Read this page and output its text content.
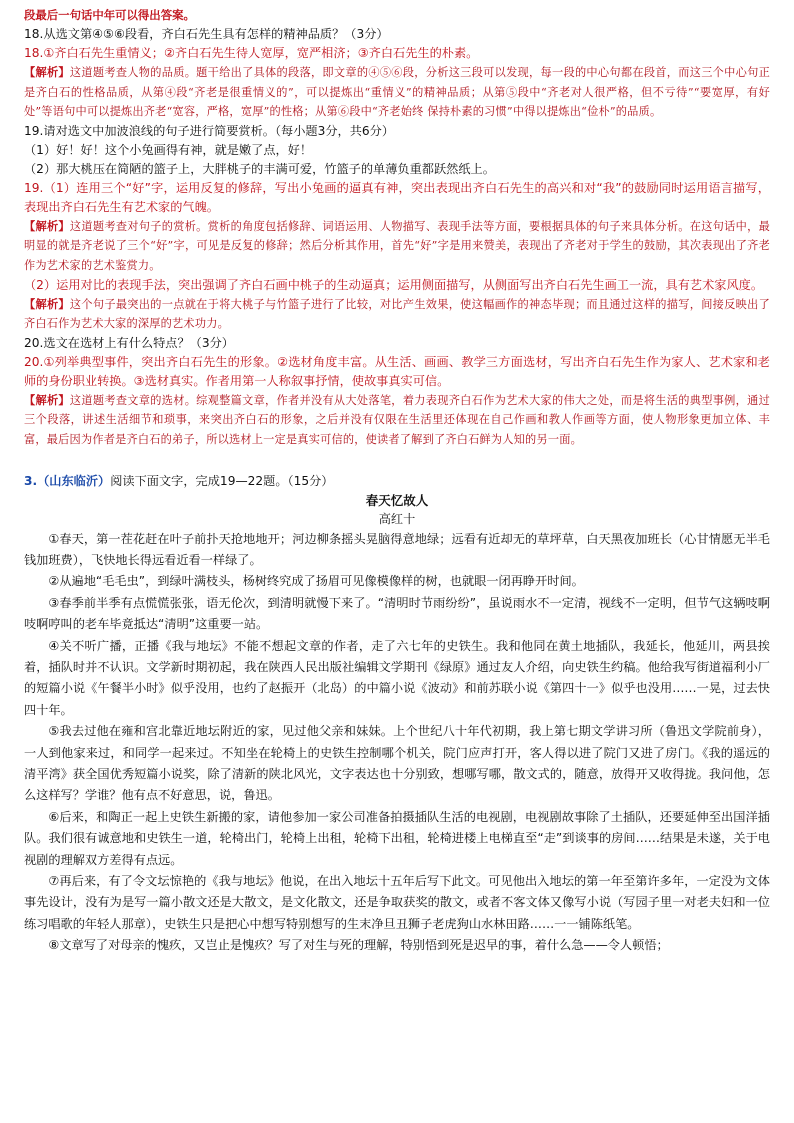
段最后一句话中年可以得出答案。

18.从选文第④⑤⑥段看，齐白石先生具有怎样的精神品质？（3分）

18.①齐白石先生重情义；②齐白石先生待人宽厚，宽严相济；③齐白石先生的朴素。

【解析】这道题考查人物的品质。题干给出了具体的段落，即文章的④⑤⑥段，分析这三段可以发现，每一段的中心句都在段首，而这三个中心句正是齐白石的性格品质，从第④段“齐老是很重情义的”，可以提炼出“重情义”的精神品质；从第⑤段中“齐老对人很严格，但不亏待”“要宽厚，有好处”等语句中可以提炼出齐老“宽容，严格，宽厚”的性格；从第⑥段中“齐老始终 保持朴素的习惯”中得以提炼出“俭朴”的品质。

19.请对选文中加波浪线的句子进行简要赏析。（每小题3分，共6分）

（1）好！好！这个小兔画得有神，就是嫩了点，好！

（2）那大桃压在简陋的篮子上，大胖桃子的丰满可爱，竹篮子的单薄负重都跃然纸上。

19.（1）连用三个“好”字，运用反复的修辞，写出小兔画的逼真有神，突出表现出齐白石先生的高兴和对“我”的鼓励同时运用语言描写，表现出齐白石先生有艺术家的气魄。

【解析】这道题考查对句子的赏析。赏析的角度包括修辞、词语运用、人物描写、表现手法等方面，要根据具体的句子来具体分析。在这句话中，最明显的就是齐老说了三个“好”字，可见是反复的修辞；然后分析其作用，首先“好”字是用来赞美，表现出了齐老对于学生的鼓励，其次表现出了齐老作为艺术家的艺术鉴赏力。

（2）运用对比的表现手法，突出强调了齐白石画中桃子的生动逼真；运用侧面描写，从侧面写出齐白石先生画工一流，具有艺术家风度。

【解析】这个句子最突出的一点就在于将大桃子与竹篮子进行了比较，对比产生效果，使这幅画作的神态毕现；而且通过这样的描写，间接反映出了齐白石作为艺术大家的深厚的艺术功力。

20.选文在选材上有什么特点？（3分）

20.①列举典型事件，突出齐白石先生的形象。②选材角度丰富。从生活、画画、教学三方面选材，写出齐白石先生作为家人、艺术家和老师的身份职业转换。③选材真实。作者用第一人称叙事抒情，使故事真实可信。

【解析】这道题考查文章的选材。综观整篇文章，作者并没有从大处落笔，着力表现齐白石作为艺术大家的伟大之处，而是将生活的典型事例，通过三个段落，讲述生活细节和琐事，来突出齐白石的形象，之后并没有仅限在生活里还体现在自己作画和教人作画等方面，使人物形象更加立体、丰富，最后因为作者是齐白石的弟子，所以选材上一定是真实可信的，使读者了解到了齐白石鲜为人知的另一面。

3.（山东临沂）阅读下面文字，完成19—22题。（15分）

春天忆故人

高红十

①春天，第一茬花赶在叶子前扑天抢地地开；河边柳条摇头晃脑得意地绿；远看有近却无的草坪草，白天黑夜加班长（心甘情愿无半毛钱加班费），飞快地长得远看近看一样绿了。

②从遍地“毛毛虫”，到绿叶满枝头，杨树终究成了扬眉可见像模像样的树，也就眼一闭再睁开时间。

③春季前半季有点慌慌张张，语无伦次，到清明就慢下来了。“清明时节雨纷纷”，虽说雨水不一定清，视线不一定明，但节气这辆吱啊吱啊哼叫的老车毕竟抵达“清明”这重要一站。

④关不听广播，正播《我与地坛》不能不想起文章的作者，走了六七年的史铁生。我和他同在黄土地插队，我延长，他延川，两县挨着，插队时并不认识。文学新时期初起，我在陕西人民出版社编辑文学期刊《绿原》通过友人介绍，向史铁生约稿。他给我写街道福利小厂的短篇小说《午餐半小时》似乎没用，也约了赵振开（北岛）的中篇小说《波动》和前苏联小说《第四十一》似乎也没用……一晃，过去快四十年。

⑤我去过他在雍和宫北靠近地坛附近的家，见过他父亲和妹妹。上个世纪八十年代初期，我上第七期文学讲习所（鲁迅文学院前身），一人到他家来过，和同学一起来过。不知坐在轮椅上的史铁生控制哪个机关，院门应声打开，客人得以进了院门又进了房门。《我的遥远的清平湾》获全国优秀短篇小说奖，除了清新的陕北风光，文字表达也十分别致，想哪写哪，散文式的，随意，放得开又收得拢。我问他，怎么这样写？学谁？他有点不好意思，说，鲁迅。

⑥后来，和陶正一起上史铁生新搬的家，请他参加一家公司准备拍摄插队生活的电视剧，电视剧故事除了土插队，还要延伸至出国洋插队。我们很有诚意地和史铁生一道，轮椅出门，轮椅上出租，轮椅下出租，轮椅进楼上电梯直至“走”到谈事的房间……结果是未遂，关于电视剧的理解双方差得有点远。

⑦再后来，有了令文坛惊艳的《我与地坛》他说，在出入地坛十五年后写下此文。可见他出入地坛的第一年至第许多年，一定没为文体事先设计，没有为是写一篇小散文还是大散文，是文化散文，还是争取获奖的散文，或者不客文体又像写小说（写园子里一对老夫妇和一位练习唱歌的年轻人那章），史铁生只是把心中想写特别想写的生末净旦丑狮子老虎狗山水林田路……一一铺陈纸笔。

⑧文章写了对母亲的愧疚，又岂止是愧疚？写了对生与死的理解，特别悟到死是迟早的事，着什么急——令人顿悟；
